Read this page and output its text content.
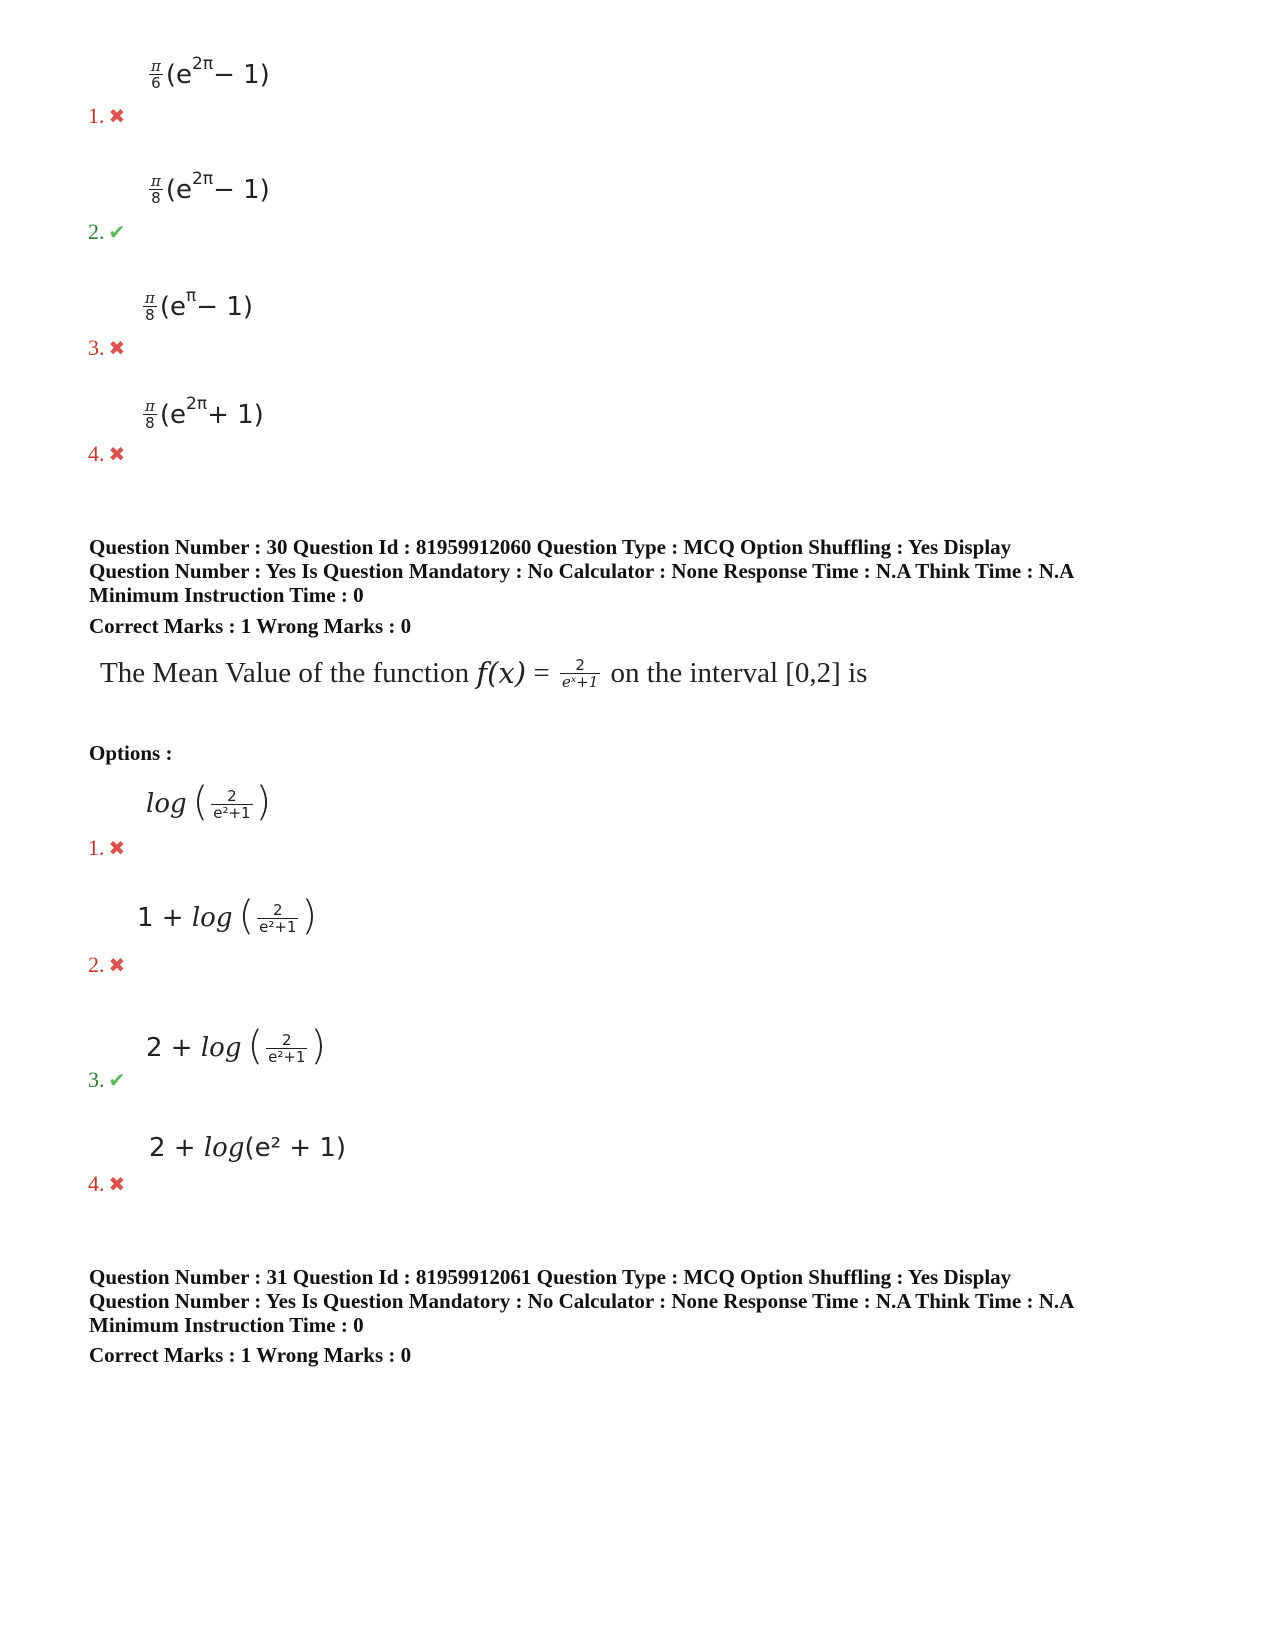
$\frac{\pi}{6}$ ( e 2π − 1)
1. ✖
$\frac{\pi}{8}$ ( e 2π − 1)
2. ✔
$\frac{\pi}{8}$ ( e π − 1)
3. ✖
$\frac{\pi}{8}$ ( e 2π + 1)
4. ✖
Question Number : 30 Question Id : 81959912060 Question Type : MCQ Option Shuffling : Yes Display
Question Number : Yes Is Question Mandatory : No Calculator : None Response Time : N.A Think Time : N.A
Minimum Instruction Time : 0
Correct Marks : 1 Wrong Marks : 0
The Mean Value of the function $f(x) = \frac{2}{\text{eˣ+1}}$ on the interval [0,2] is
Options :
log ( $\frac{2}{\text{e²+1}}$ )
1. ✖
1 + log ( $\frac{2}{\text{e²+1}}$ )
2. ✖
2 + log ( $\frac{2}{\text{e²+1}}$ )
3. ✔
2 + log (e² + 1)
4. ✖
Question Number : 31 Question Id : 81959912061 Question Type : MCQ Option Shuffling : Yes Display
Question Number : Yes Is Question Mandatory : No Calculator : None Response Time : N.A Think Time : N.A
Minimum Instruction Time : 0
Correct Marks : 1 Wrong Marks : 0
